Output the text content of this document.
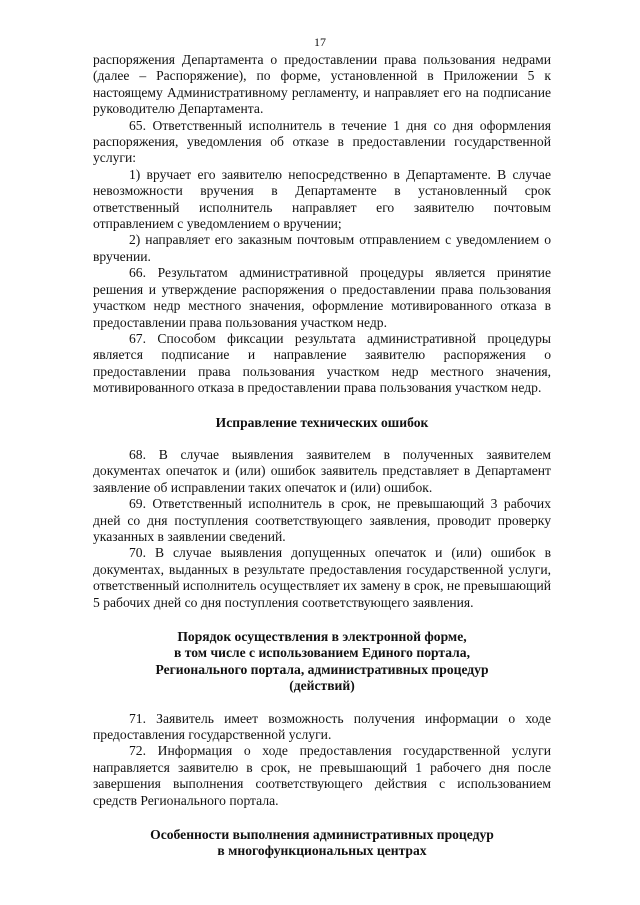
17

распоряжения Департамента о предоставлении права пользования недрами (далее – Распоряжение), по форме, установленной в Приложении 5 к настоящему Административному регламенту, и направляет его на подписание руководителю Департамента.

65. Ответственный исполнитель в течение 1 дня со дня оформления распоряжения, уведомления об отказе в предоставлении государственной услуги:

1) вручает его заявителю непосредственно в Департаменте. В случае невозможности вручения в Департаменте в установленный срок ответственный исполнитель направляет его заявителю почтовым отправлением с уведомлением о вручении;

2) направляет его заказным почтовым отправлением с уведомлением о вручении.

66. Результатом административной процедуры является принятие решения и утверждение распоряжения о предоставлении права пользования участком недр местного значения, оформление мотивированного отказа в предоставлении права пользования участком недр.

67. Способом фиксации результата административной процедуры является подписание и направление заявителю распоряжения о предоставлении права пользования участком недр местного значения, мотивированного отказа в предоставлении права пользования участком недр.

Исправление технических ошибок

68. В случае выявления заявителем в полученных заявителем документах опечаток и (или) ошибок заявитель представляет в Департамент заявление об исправлении таких опечаток и (или) ошибок.

69. Ответственный исполнитель в срок, не превышающий 3 рабочих дней со дня поступления соответствующего заявления, проводит проверку указанных в заявлении сведений.

70. В случае выявления допущенных опечаток и (или) ошибок в документах, выданных в результате предоставления государственной услуги, ответственный исполнитель осуществляет их замену в срок, не превышающий 5 рабочих дней со дня поступления соответствующего заявления.

Порядок осуществления в электронной форме,
в том числе с использованием Единого портала,
Регионального портала, административных процедур
(действий)

71. Заявитель имеет возможность получения информации о ходе предоставления государственной услуги.

72. Информация о ходе предоставления государственной услуги направляется заявителю в срок, не превышающий 1 рабочего дня после завершения выполнения соответствующего действия с использованием средств Регионального портала.

Особенности выполнения административных процедур
в многофункциональных центрах
